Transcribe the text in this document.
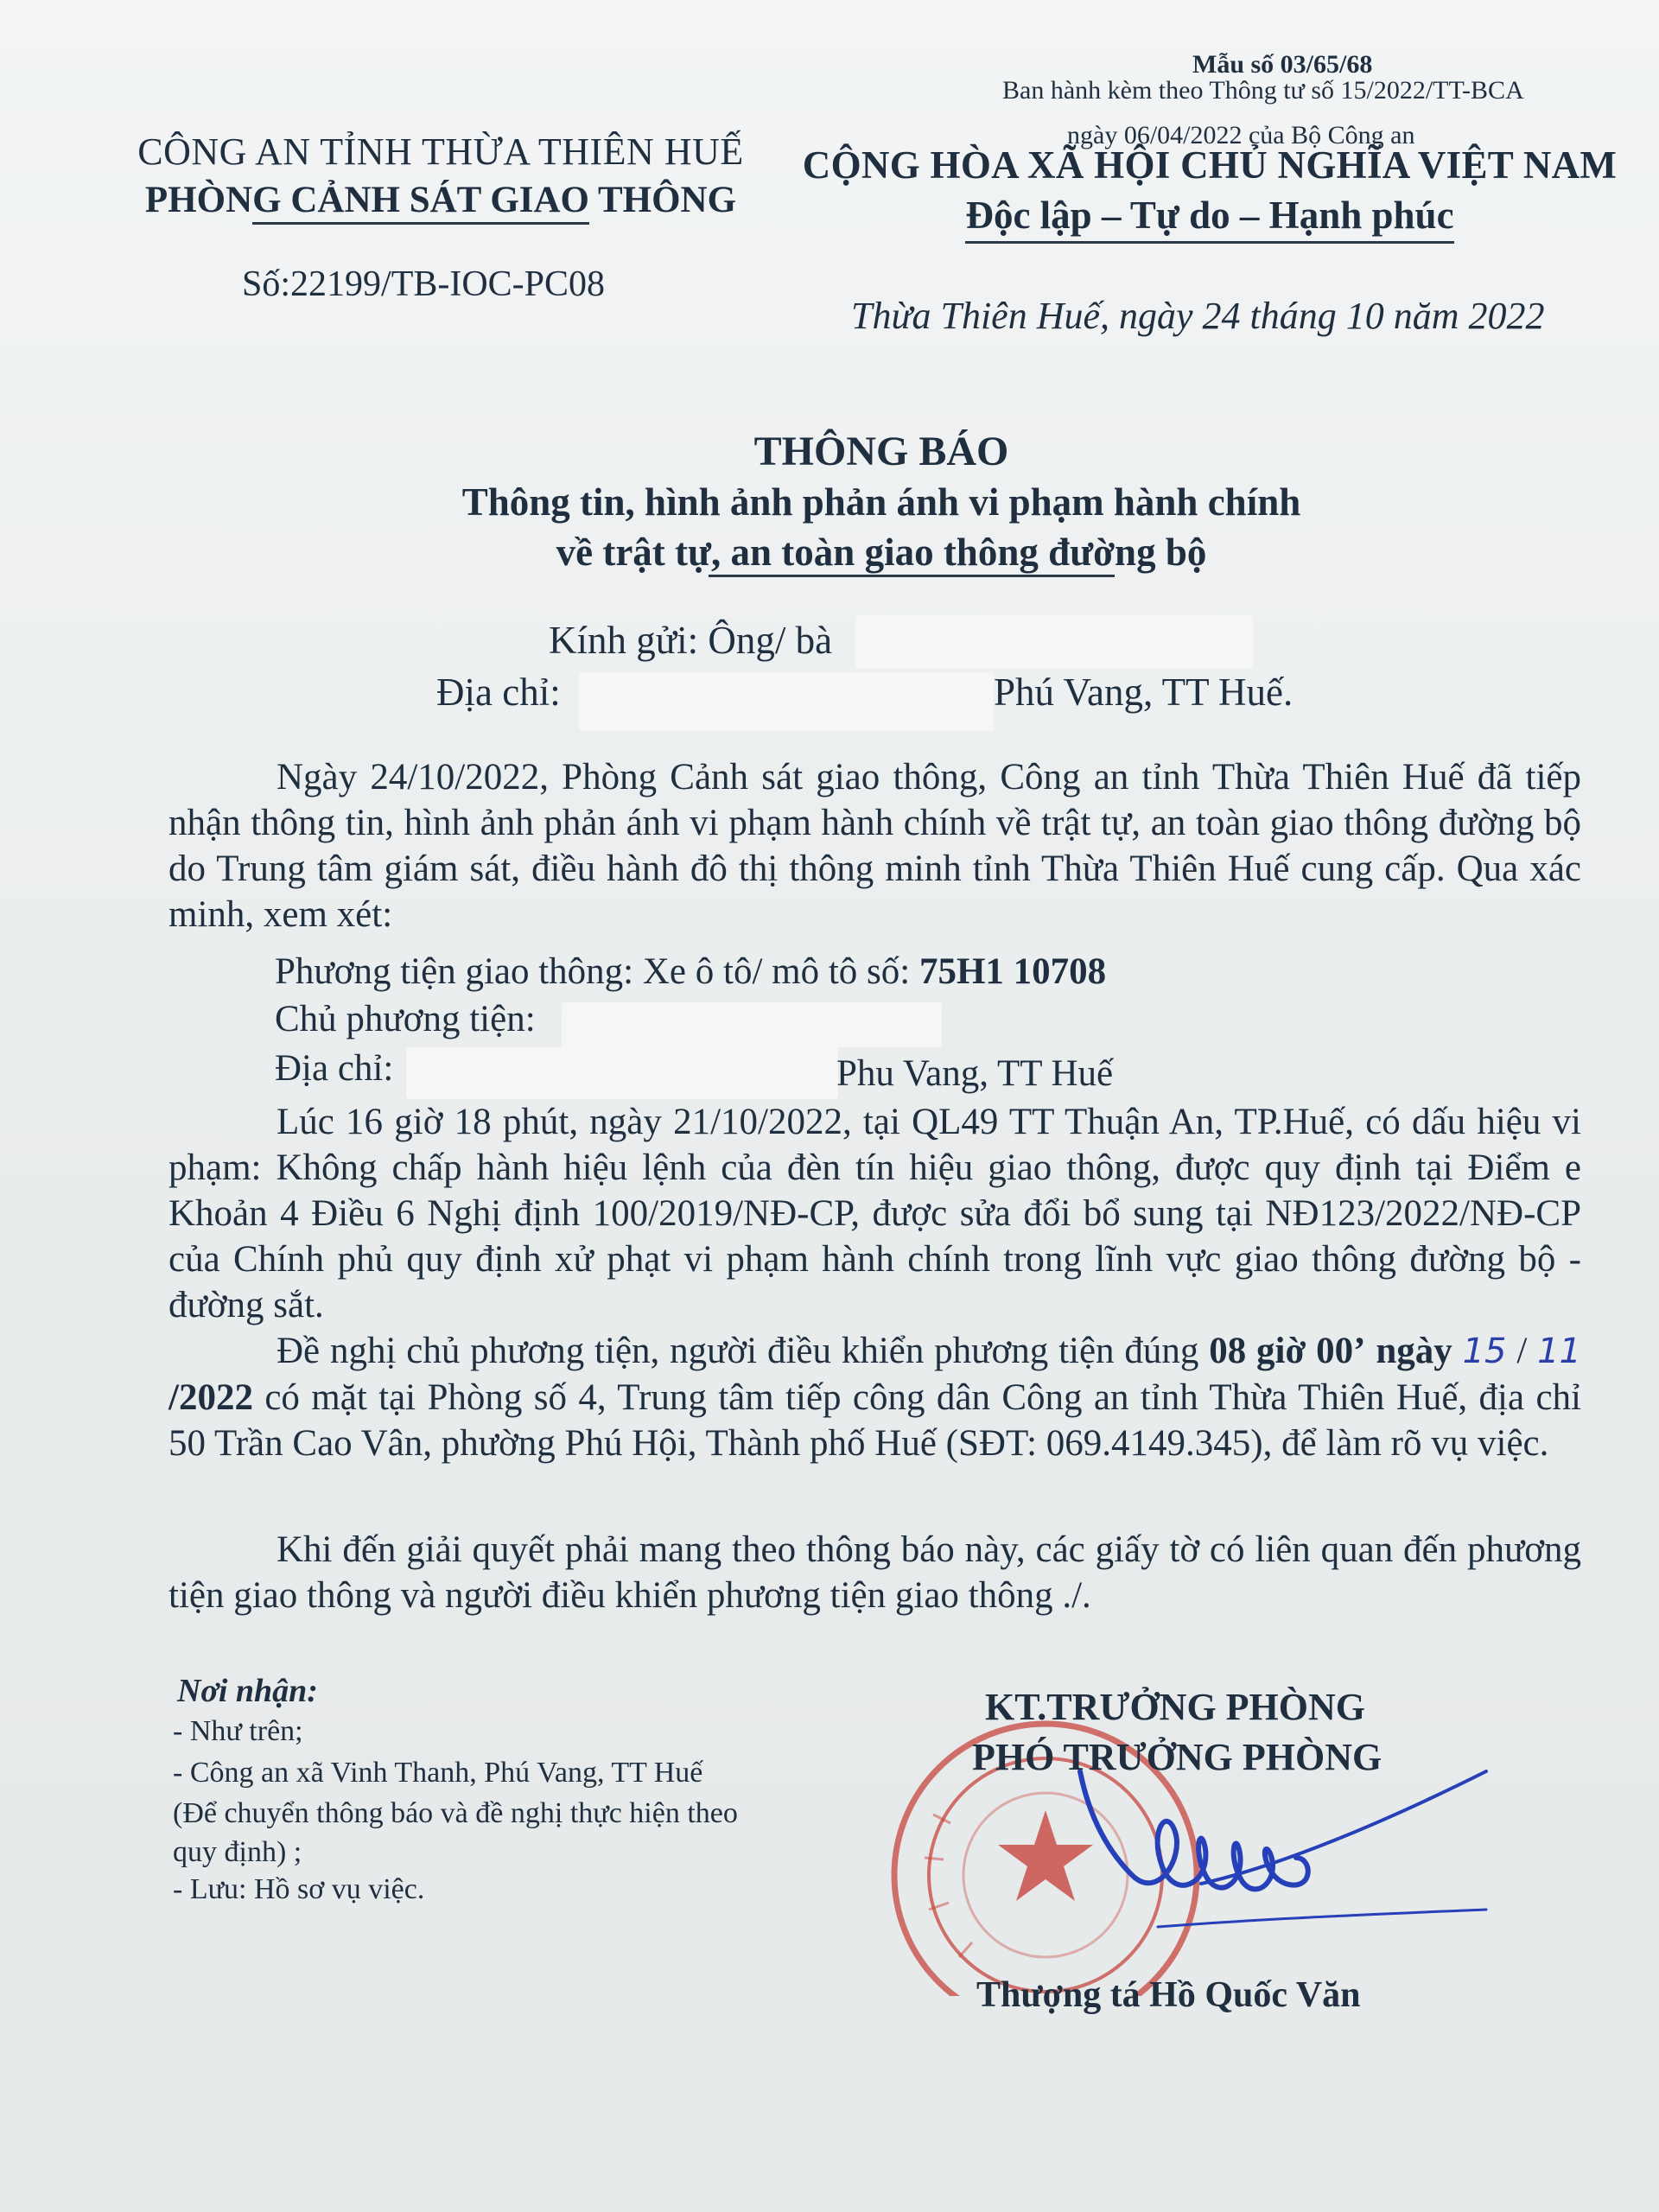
Mẫu số 03/65/68
Ban hành kèm theo Thông tư số 15/2022/TT-BCA
ngày 06/04/2022 của Bộ Công an
CÔNG AN TỈNH THỪA THIÊN HUẾ
PHÒNG CẢNH SÁT GIAO THÔNG
Số:22199/TB-IOC-PC08
CỘNG HÒA XÃ HỘI CHỦ NGHĨA VIỆT NAM
Độc lập – Tự do – Hạnh phúc
Thừa Thiên Huế, ngày 24 tháng 10 năm 2022
THÔNG BÁO
Thông tin, hình ảnh phản ánh vi phạm hành chính
về trật tự, an toàn giao thông đường bộ
Kính gửi: Ông/ bà
Địa chỉ:	Phú Vang, TT Huế.

Ngày 24/10/2022, Phòng Cảnh sát giao thông, Công an tỉnh Thừa Thiên Huế đã tiếp nhận thông tin, hình ảnh phản ánh vi phạm hành chính về trật tự, an toàn giao thông đường bộ do Trung tâm giám sát, điều hành đô thị thông minh tỉnh Thừa Thiên Huế cung cấp. Qua xác minh, xem xét:

Phương tiện giao thông: Xe ô tô/ mô tô số: 75H1 10708
Chủ phương tiện:
Địa chỉ:	Phu Vang, TT Huế

Lúc 16 giờ 18 phút, ngày 21/10/2022, tại QL49 TT Thuận An, TP.Huế, có dấu hiệu vi phạm: Không chấp hành hiệu lệnh của đèn tín hiệu giao thông, được quy định tại Điểm e Khoản 4 Điều 6 Nghị định 100/2019/NĐ-CP, được sửa đổi bổ sung tại NĐ123/2022/NĐ-CP của Chính phủ quy định xử phạt vi phạm hành chính trong lĩnh vực giao thông đường bộ - đường sắt.

Đề nghị chủ phương tiện, người điều khiển phương tiện đúng 08 giờ 00’ ngày 15 / 11 /2022 có mặt tại Phòng số 4, Trung tâm tiếp công dân Công an tỉnh Thừa Thiên Huế, địa chỉ 50 Trần Cao Vân, phường Phú Hội, Thành phố Huế (SĐT: 069.4149.345), để làm rõ vụ việc.

Khi đến giải quyết phải mang theo thông báo này, các giấy tờ có liên quan đến phương tiện giao thông và người điều khiển phương tiện giao thông ./.

Nơi nhận:
- Như trên;
- Công an xã Vinh Thanh, Phú Vang, TT Huế
(Để chuyển thông báo và đề nghị thực hiện theo
quy định) ;
- Lưu: Hồ sơ vụ việc.
KT.TRƯỞNG PHÒNG
PHÓ TRƯỞNG PHÒNG
Thượng tá Hồ Quốc Văn
